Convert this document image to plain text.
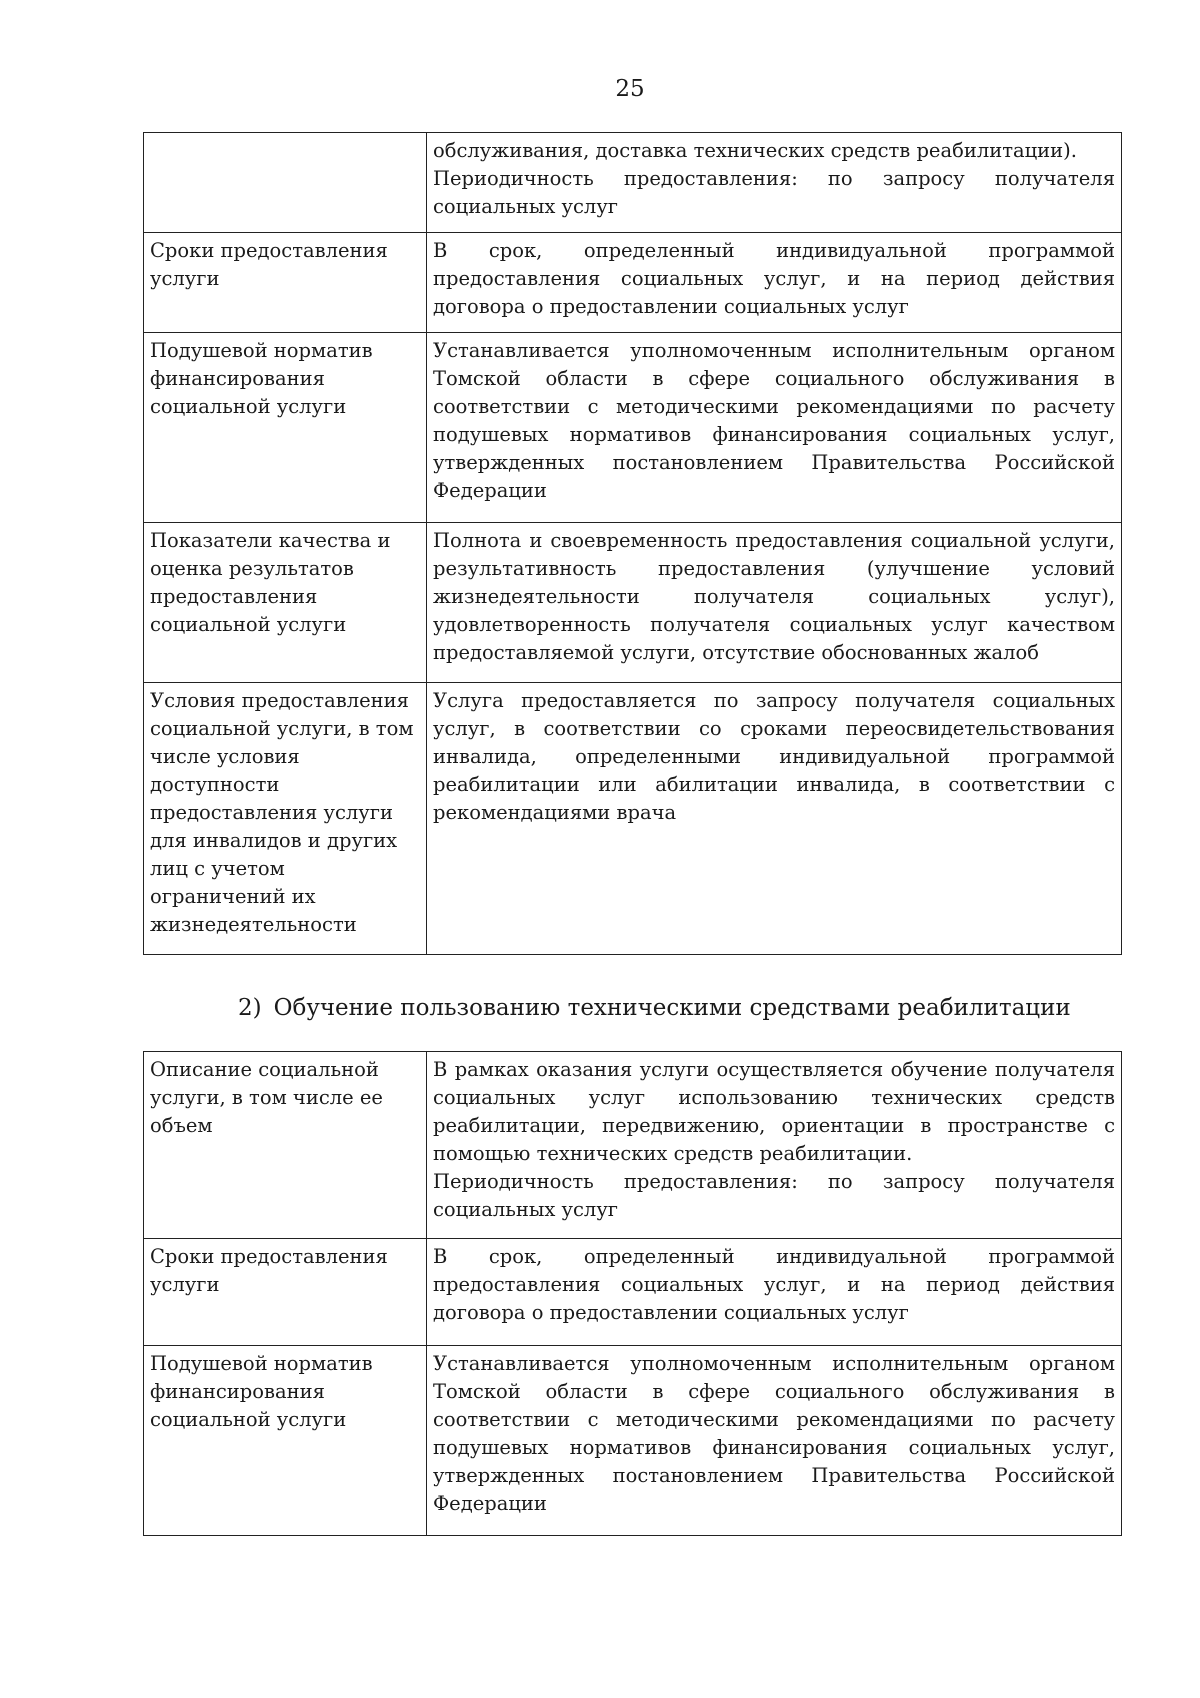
25

	обслуживания, доставка технических средств реабилитации).
Периодичность предоставления: по запросу получателя социальных услуг

Сроки предоставления услуги	В срок, определенный индивидуальной программой предоставления социальных услуг, и на период действия договора о предоставлении социальных услуг

Подушевой норматив финансирования социальной услуги	Устанавливается уполномоченным исполнительным органом Томской области в сфере социального обслуживания в соответствии с методическими рекомендациями по расчету подушевых нормативов финансирования социальных услуг, утвержденных постановлением Правительства Российской Федерации

Показатели качества и оценка результатов предоставления социальной услуги	Полнота и своевременность предоставления социальной услуги, результативность предоставления (улучшение условий жизнедеятельности получателя социальных услуг), удовлетворенность получателя социальных услуг качеством предоставляемой услуги, отсутствие обоснованных жалоб

Условия предоставления социальной услуги, в том числе условия доступности предоставления услуги для инвалидов и других лиц с учетом ограничений их жизнедеятельности	Услуга предоставляется по запросу получателя социальных услуг, в соответствии со сроками переосвидетельствования инвалида, определенными индивидуальной программой реабилитации или абилитации инвалида, в соответствии с рекомендациями врача
2) Обучение пользованию техническими средствами реабилитации
Описание социальной услуги, в том числе ее объем	В рамках оказания услуги осуществляется обучение получателя социальных услуг использованию технических средств реабилитации, передвижению, ориентации в пространстве с помощью технических средств реабилитации.
Периодичность предоставления: по запросу получателя социальных услуг

Сроки предоставления услуги	В срок, определенный индивидуальной программой предоставления социальных услуг, и на период действия договора о предоставлении социальных услуг

Подушевой норматив финансирования социальной услуги	Устанавливается уполномоченным исполнительным органом Томской области в сфере социального обслуживания в соответствии с методическими рекомендациями по расчету подушевых нормативов финансирования социальных услуг, утвержденных постановлением Правительства Российской Федерации
